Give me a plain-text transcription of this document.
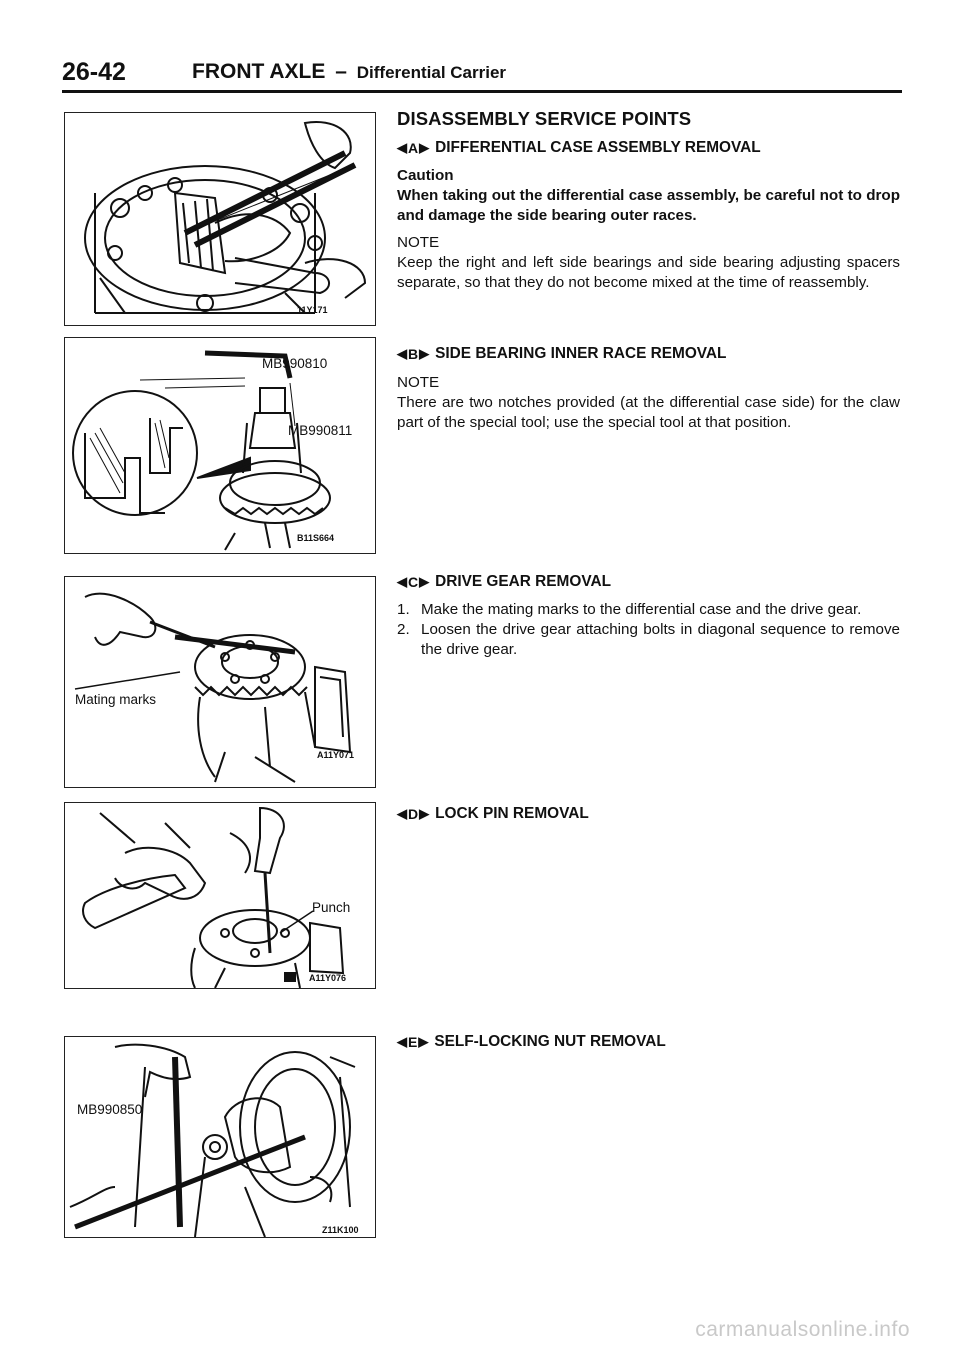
26-42	FRONT AXLE – Differential Carrier
11Y171
MB990810
MB990811
B11S664
Mating marks
A11Y071
Punch
A11Y076
MB990850
Z11K100
DISASSEMBLY SERVICE POINTS
◀ A ▶ DIFFERENTIAL CASE ASSEMBLY REMOVAL
Caution
When taking out the differential case assembly, be careful not to drop and damage the side bearing outer races.
NOTE
Keep the right and left side bearings and side bearing adjusting spacers separate, so that they do not become mixed at the time of reassembly.
◀ B ▶ SIDE BEARING INNER RACE REMOVAL
NOTE
There are two notches provided (at the differential case side) for the claw part of the special tool; use the special tool at that position.
◀ C ▶ DRIVE GEAR REMOVAL
1. Make the mating marks to the differential case and the drive gear.
2. Loosen the drive gear attaching bolts in diagonal sequence to remove the drive gear.
◀ D ▶ LOCK PIN REMOVAL
◀ E ▶ SELF-LOCKING NUT REMOVAL
carmanualsonline.info
